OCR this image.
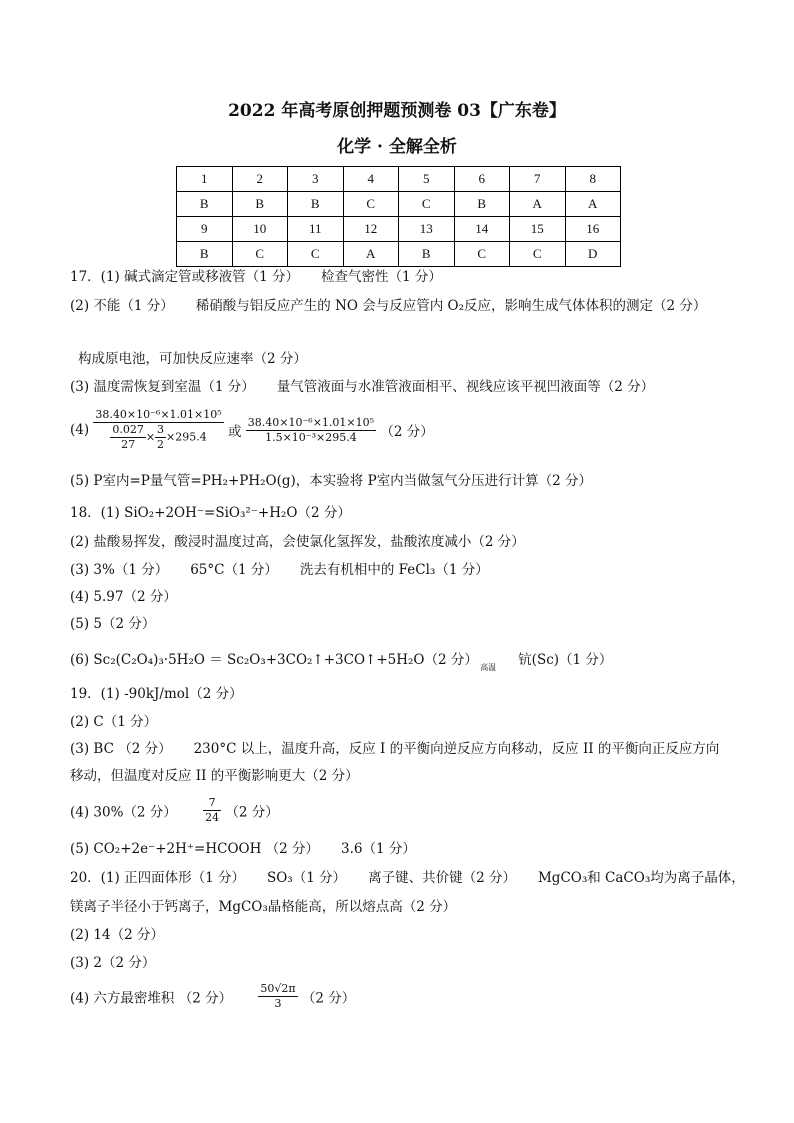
2022 年高考原创押题预测卷 03【广东卷】
化学 · 全解全析
1	2	3	4	5	6	7	8
B	B	B	C	C	B	A	A
9	10	11	12	13	14	15	16
B	C	C	A	B	C	C	D
17．(1) 碱式滴定管或移液管（1 分） 检查气密性（1 分）
(2) 不能（1 分） 稀硝酸与铝反应产生的 NO 会与反应管内 O₂反应，影响生成气体体积的测定（2 分）
构成原电池，可加快反应速率（2 分）
(3) 温度需恢复到室温（1 分） 量气管液面与水准管液面相平、视线应该平视凹液面等（2 分）
$(4) \frac{\text{38.40×10⁻⁶×1.01×10⁵}}{\frac{0.027}{27} \times \frac{3}{2} \times 295.4}$ 或 $\frac{\text{38.40×10⁻⁶×1.01×10⁵}}{\text{1.5×10⁻³×295.4}} (2$ 分）
(5) P室内=P量气管=PH₂+PH₂O(g)，本实验将 P室内当做氢气分压进行计算（2 分）
18．(1) SiO₂+2OH⁻=SiO₃²⁻+H₂O（2 分）
(2) 盐酸易挥发，酸浸时温度过高，会使氯化氢挥发，盐酸浓度减小（2 分）
(3) 3%（1 分） 65°C（1 分） 洗去有机相中的 FeCl₃（1 分）
(4) 5.97（2 分）
(5) 5（2 分）
(6) Sc₂(C₂O₄)₃·5H₂O ＝ Sc₂O₃+3CO₂↑+3CO↑+5H₂O（2 分） $_{高温}$ 钪(Sc)（1 分）
19．(1) -90kJ/mol（2 分）
(2) C（1 分）
(3) BC （2 分） 230°C 以上，温度升高，反应 I 的平衡向逆反应方向移动，反应 II 的平衡向正反应方向
移动，但温度对反应 II 的平衡影响更大（2 分）
(4) 30%（2 分） $\frac{7}{24} (2$ 分）
(5) CO₂+2e⁻+2H⁺=HCOOH （2 分） 3.6（1 分）
20．(1) 正四面体形（1 分） SO₃（1 分） 离子键、共价键（2 分） MgCO₃和 CaCO₃均为离子晶体，
镁离子半径小于钙离子，MgCO₃晶格能高，所以熔点高（2 分）
(2) 14（2 分）
(3) 2（2 分）
(4) 六方最密堆积 （2 分） $\frac{50√2\pi}{3} (2$ 分）
